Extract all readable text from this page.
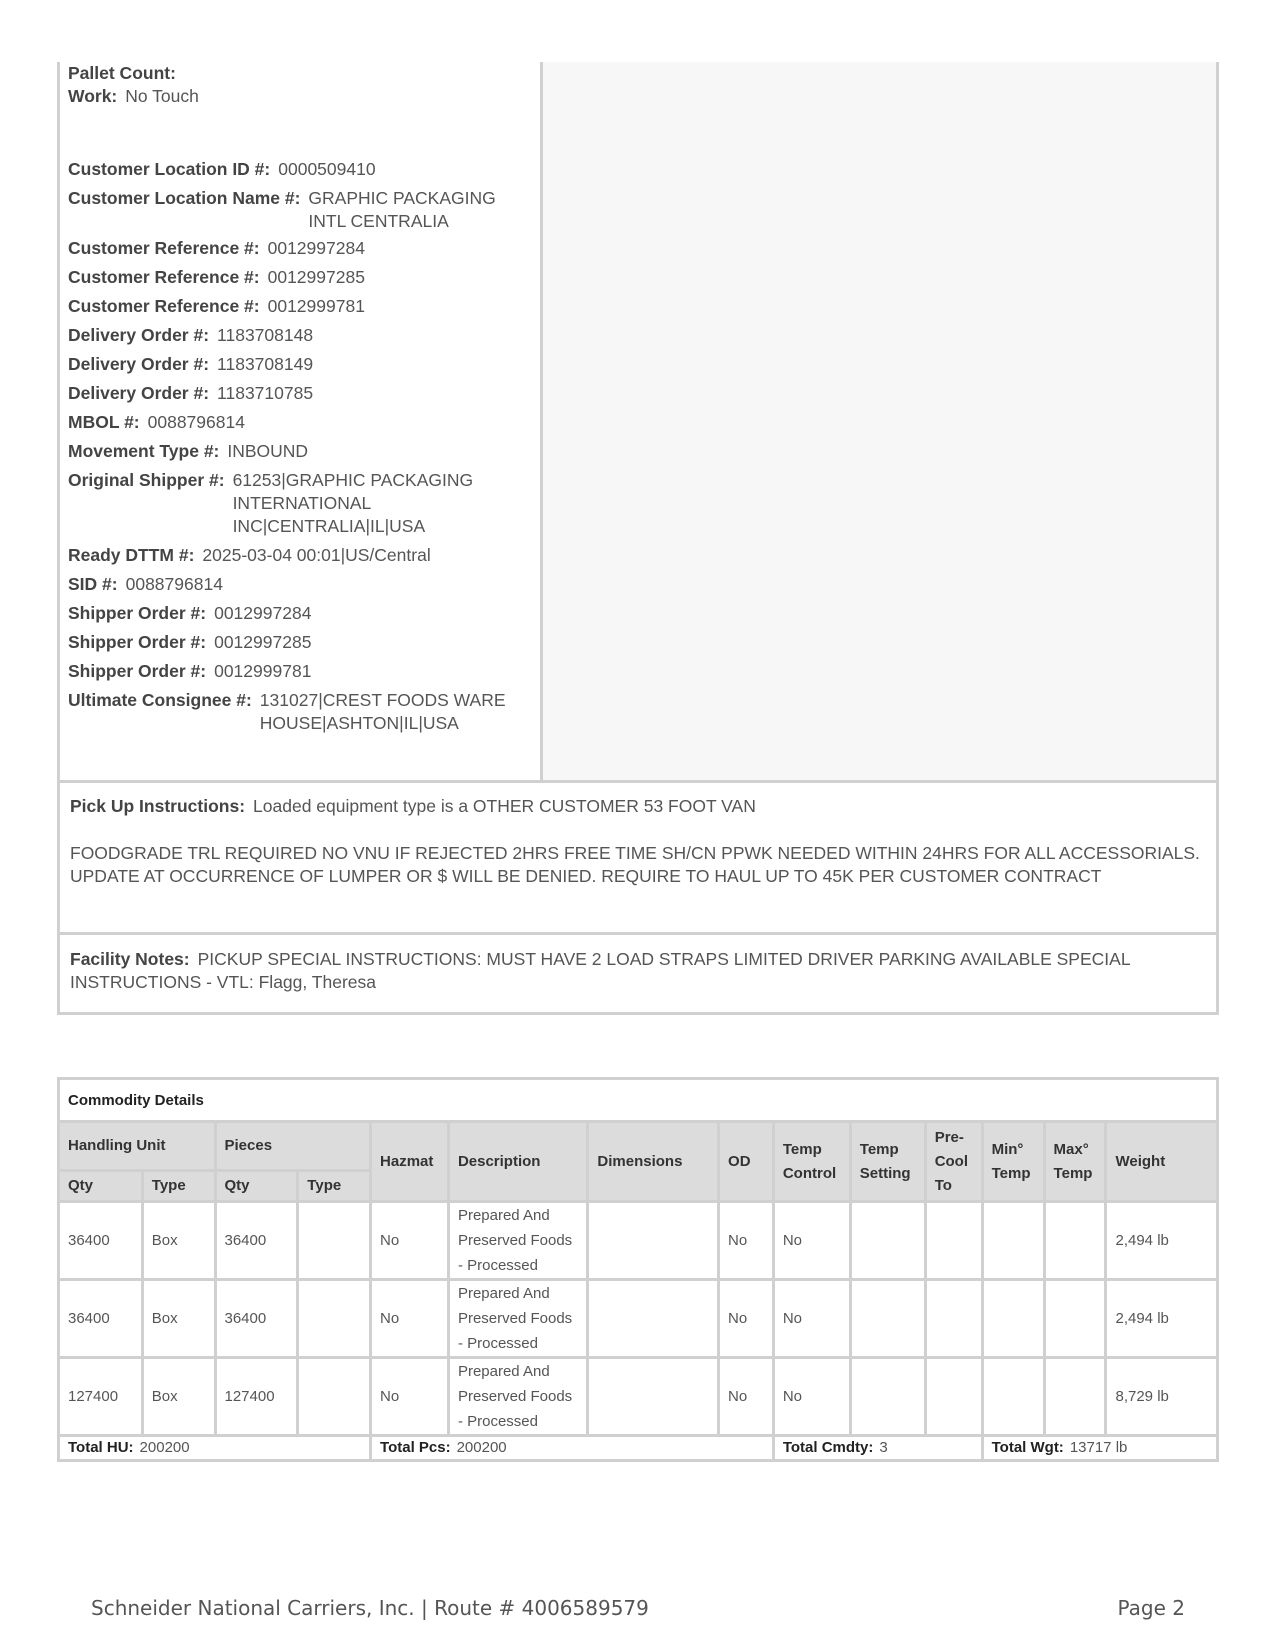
Pallet Count:
Work: No Touch
Customer Location ID #: 0000509410
Customer Location Name #: GRAPHIC PACKAGING INTL CENTRALIA
Customer Reference #: 0012997284
Customer Reference #: 0012997285
Customer Reference #: 0012999781
Delivery Order #: 1183708148
Delivery Order #: 1183708149
Delivery Order #: 1183710785
MBOL #: 0088796814
Movement Type #: INBOUND
Original Shipper #: 61253|GRAPHIC PACKAGING INTERNATIONAL INC|CENTRALIA|IL|USA
Ready DTTM #: 2025-03-04 00:01|US/Central
SID #: 0088796814
Shipper Order #: 0012997284
Shipper Order #: 0012997285
Shipper Order #: 0012999781
Ultimate Consignee #: 131027|CREST FOODS WAREHOUSE|ASHTON|IL|USA
Pick Up Instructions: Loaded equipment type is a OTHER CUSTOMER 53 FOOT VAN
FOODGRADE TRL REQUIRED NO VNU IF REJECTED 2HRS FREE TIME SH/CN PPWK NEEDED WITHIN 24HRS FOR ALL ACCESSORIALS. UPDATE AT OCCURRENCE OF LUMPER OR $ WILL BE DENIED. REQUIRE TO HAUL UP TO 45K PER CUSTOMER CONTRACT
Facility Notes: PICKUP SPECIAL INSTRUCTIONS: MUST HAVE 2 LOAD STRAPS LIMITED DRIVER PARKING AVAILABLE SPECIAL INSTRUCTIONS - VTL: Flagg, Theresa
Commodity Details													
Handling Unit		Pieces		Hazmat	Description	Dimensions	OD	Temp Control	Temp Setting	Pre-Cool To	Min° Temp	Max° Temp	Weight
Qty	Type	Qty	Type										
36400	Box	36400		No	Prepared And Preserved Foods - Processed		No	No					2,494 lb
36400	Box	36400		No	Prepared And Preserved Foods - Processed		No	No					2,494 lb
127400	Box	127400		No	Prepared And Preserved Foods - Processed		No	No					8,729 lb
Total HU: 200200				Total Pcs: 200200				Total Cmdty: 3			Total Wgt: 13717 lb		
Schneider National Carriers, Inc. | Route # 4006589579	Page 2
